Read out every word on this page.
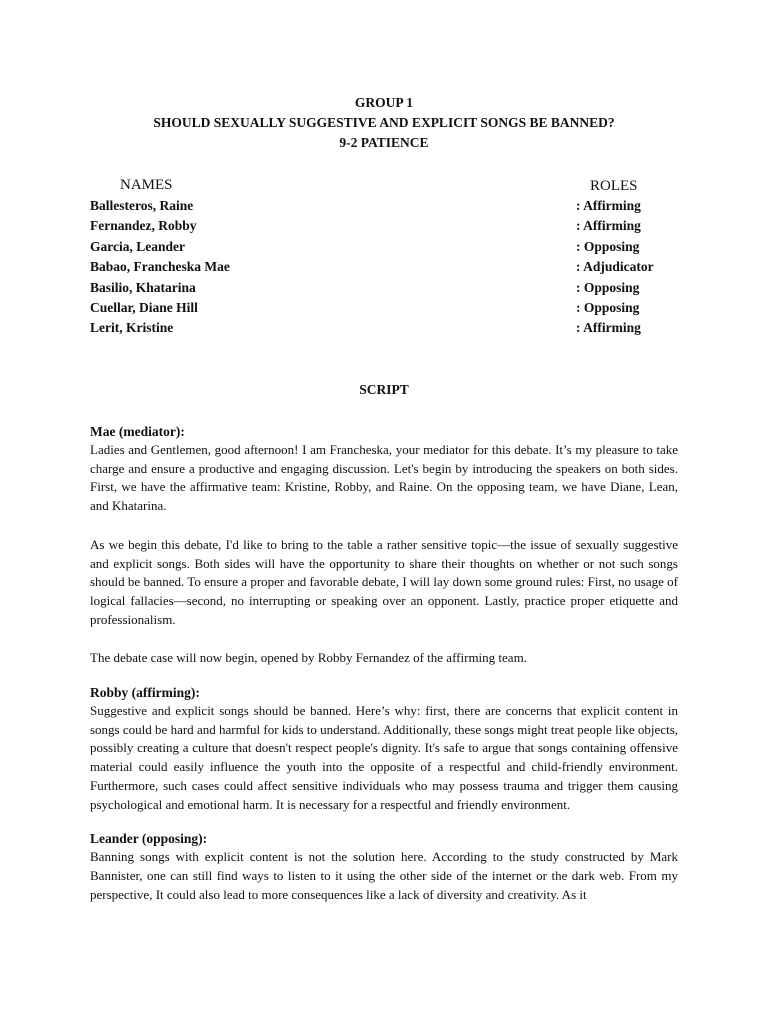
GROUP 1
SHOULD SEXUALLY SUGGESTIVE AND EXPLICIT SONGS BE BANNED?
9-2 PATIENCE
NAMES	ROLES
Ballesteros, Raine	: Affirming
Fernandez, Robby	: Affirming
Garcia, Leander	: Opposing
Babao, Francheska Mae	: Adjudicator
Basilio, Khatarina	: Opposing
Cuellar, Diane Hill	: Opposing
Lerit, Kristine	: Affirming
SCRIPT

Mae (mediator):

Ladies and Gentlemen, good afternoon! I am Francheska, your mediator for this debate. It’s my pleasure to take charge and ensure a productive and engaging discussion. Let's begin by introducing the speakers on both sides. First, we have the affirmative team: Kristine, Robby, and Raine. On the opposing team, we have Diane, Lean, and Khatarina.

As we begin this debate, I'd like to bring to the table a rather sensitive topic—the issue of sexually suggestive and explicit songs. Both sides will have the opportunity to share their thoughts on whether or not such songs should be banned. To ensure a proper and favorable debate, I will lay down some ground rules: First, no usage of logical fallacies—second, no interrupting or speaking over an opponent. Lastly, practice proper etiquette and professionalism.

The debate case will now begin, opened by Robby Fernandez of the affirming team.

Robby (affirming):

Suggestive and explicit songs should be banned. Here’s why: first, there are concerns that explicit content in songs could be hard and harmful for kids to understand. Additionally, these songs might treat people like objects, possibly creating a culture that doesn't respect people's dignity. It's safe to argue that songs containing offensive material could easily influence the youth into the opposite of a respectful and child-friendly environment. Furthermore, such cases could affect sensitive individuals who may possess trauma and trigger them causing psychological and emotional harm. It is necessary for a respectful and friendly environment.

Leander (opposing):

Banning songs with explicit content is not the solution here. According to the study constructed by Mark Bannister, one can still find ways to listen to it using the other side of the internet or the dark web. From my perspective, It could also lead to more consequences like a lack of diversity and creativity. As it
